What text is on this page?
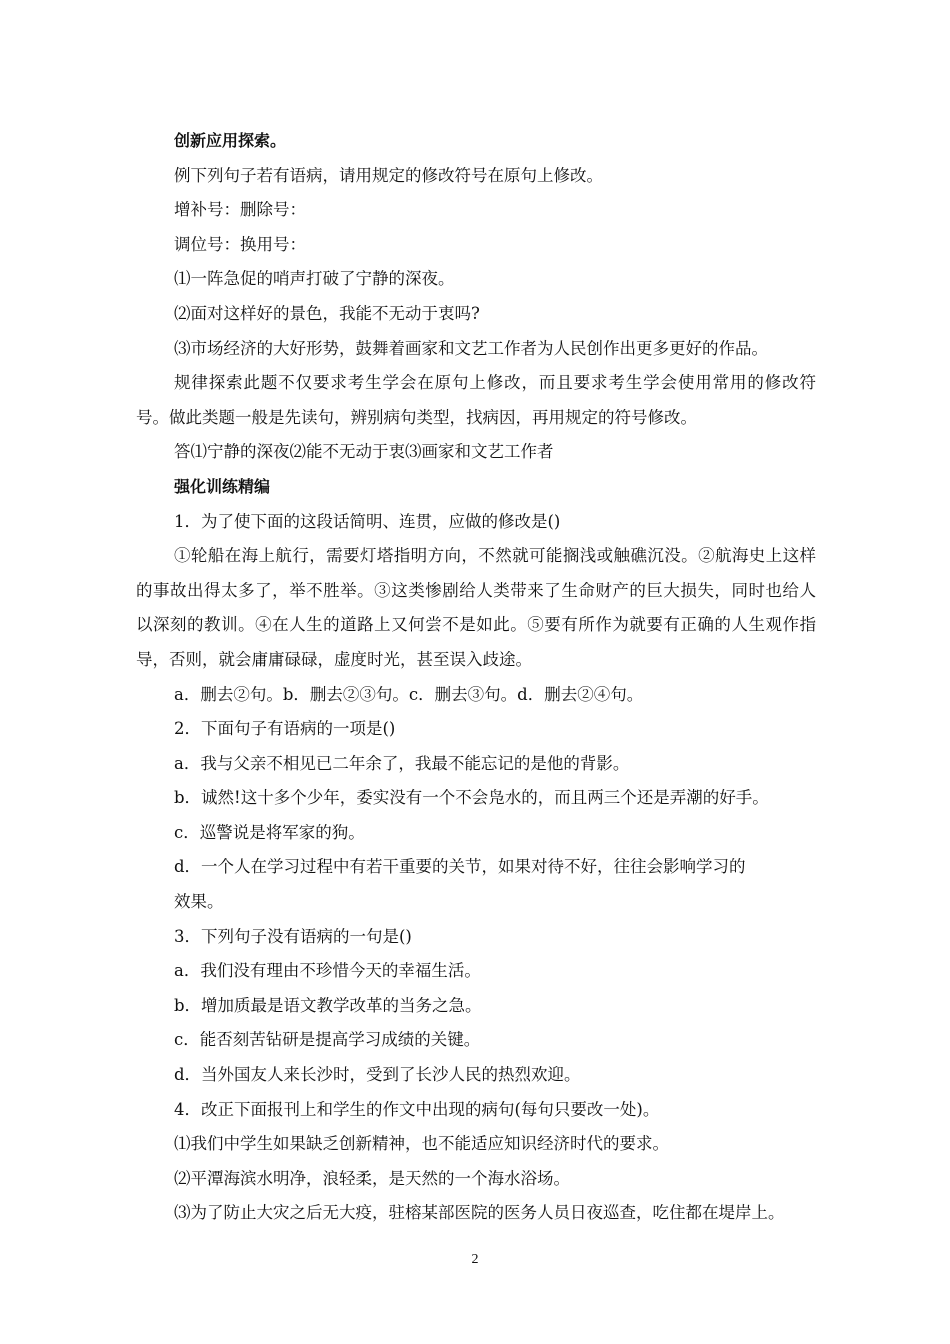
创新应用探索。
例下列句子若有语病，请用规定的修改符号在原句上修改。
增补号：删除号：
调位号：换用号：
⑴一阵急促的哨声打破了宁静的深夜。
⑵面对这样好的景色，我能不无动于衷吗?
⑶市场经济的大好形势，鼓舞着画家和文艺工作者为人民创作出更多更好的作品。
规律探索此题不仅要求考生学会在原句上修改，而且要求考生学会使用常用的修改符
号。做此类题一般是先读句，辨别病句类型，找病因，再用规定的符号修改。
答⑴宁静的深夜⑵能不无动于衷⑶画家和文艺工作者
强化训练精编
1．为了使下面的这段话简明、连贯，应做的修改是()
①轮船在海上航行，需要灯塔指明方向，不然就可能搁浅或触礁沉没。②航海史上这样
的事故出得太多了，举不胜举。③这类惨剧给人类带来了生命财产的巨大损失，同时也给人
以深刻的教训。④在人生的道路上又何尝不是如此。⑤要有所作为就要有正确的人生观作指
导，否则，就会庸庸碌碌，虚度时光，甚至误入歧途。
a．删去②句。b．删去②③句。c．删去③句。d．删去②④句。
2．下面句子有语病的一项是()
a．我与父亲不相见已二年余了，我最不能忘记的是他的背影。
b．诚然!这十多个少年，委实没有一个不会凫水的，而且两三个还是弄潮的好手。
c．巡警说是将军家的狗。
d．一个人在学习过程中有若干重要的关节，如果对待不好，往往会影响学习的
效果。
3．下列句子没有语病的一句是()
a．我们没有理由不珍惜今天的幸福生活。
b．增加质最是语文教学改革的当务之急。
c．能否刻苦钻研是提高学习成绩的关键。
d．当外国友人来长沙时，受到了长沙人民的热烈欢迎。
4．改正下面报刊上和学生的作文中出现的病句(每句只要改一处)。
⑴我们中学生如果缺乏创新精神，也不能适应知识经济时代的要求。
⑵平潭海滨水明净，浪轻柔，是天然的一个海水浴场。
⑶为了防止大灾之后无大疫，驻榕某部医院的医务人员日夜巡查，吃住都在堤岸上。
2
